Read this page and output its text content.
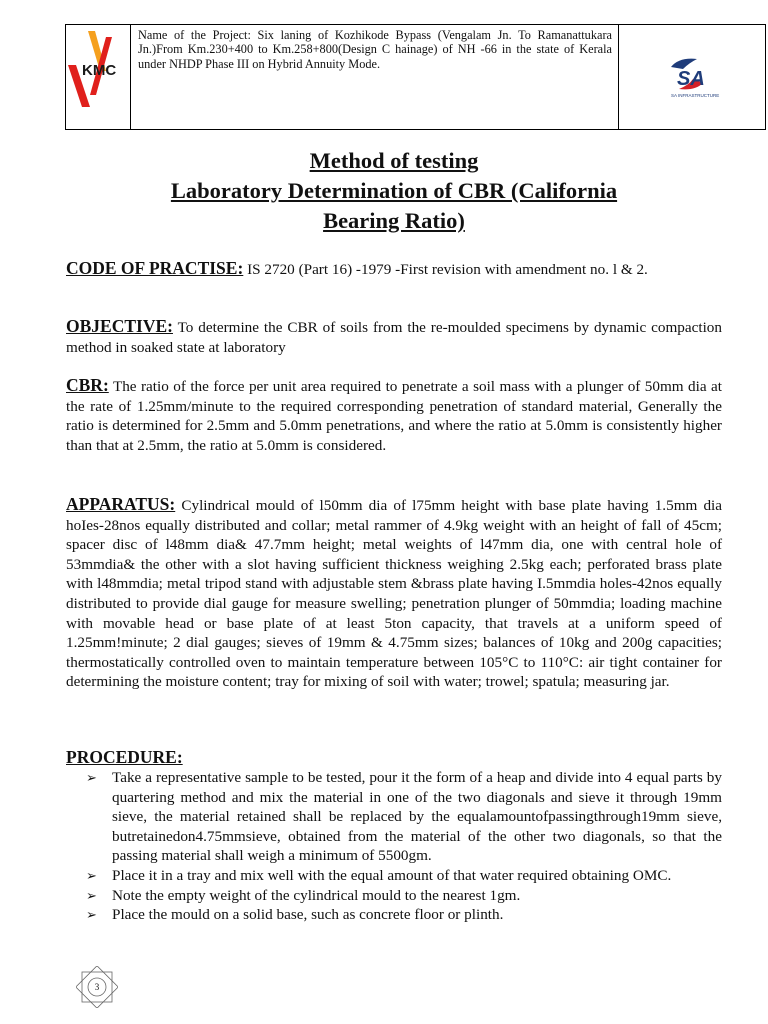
KMC
Name of the Project: Six laning of Kozhikode Bypass (Vengalam Jn. To Ramanattukara Jn.)From Km.230+400 to Km.258+800(Design C hainage) of NH -66 in the state of Kerala under NHDP Phase III on Hybrid Annuity Mode.
SA
SA INFRASTRUCTURE
Method of testing
Laboratory Determination of CBR (California
Bearing Ratio)
CODE OF PRACTISE: IS 2720 (Part 16) -1979 -First revision with amendment no. l & 2.
OBJECTIVE: To determine the CBR of soils from the re-moulded specimens by dynamic compaction method in soaked state at laboratory
CBR: The ratio of the force per unit area required to penetrate a soil mass with a plunger of 50mm dia at the rate of 1.25mm/minute to the required corresponding penetration of standard material, Generally the ratio is determined for 2.5mm and 5.0mm penetrations, and where the ratio at 5.0mm is consistently higher than that at 2.5mm, the ratio at 5.0mm is considered.
APPARATUS: Cylindrical mould of l50mm dia of l75mm height with base plate having 1.5mm dia hoIes-28nos equally distributed and collar; metal rammer of 4.9kg weight with an height of fall of 45cm; spacer disc of l48mm dia& 47.7mm height; metal weights of l47mm dia, one with central hole of 53mmdia& the other with a slot having sufficient thickness weighing 2.5kg each; perforated brass plate with l48mmdia; metal tripod stand with adjustable stem &brass plate having I.5mmdia holes-42nos equally distributed to provide dial gauge for measure swelling; penetration plunger of 50mmdia; loading machine with movable head or base plate of at least 5ton capacity, that travels at a uniform speed of 1.25mm!minute; 2 dial gauges; sieves of 19mm & 4.75mm sizes; balances of 10kg and 200g capacities; thermostatically controlled oven to maintain temperature between 105°C to 110°C: air tight container for determining the moisture content; tray for mixing of soil with water; trowel; spatula; measuring jar.
PROCEDURE:
➢ Take a representative sample to be tested, pour it the form of a heap and divide into 4 equal parts by quartering method and mix the material in one of the two diagonals and sieve it through 19mm sieve, the material retained shall be replaced by the equalamountofpassingthrough19mm sieve, butretainedon4.75mmsieve, obtained from the material of the other two diagonals, so that the passing material shall weigh a minimum of 5500gm.
➢ Place it in a tray and mix well with the equal amount of that water required obtaining OMC.
➢ Note the empty weight of the cylindrical mould to the nearest 1gm.
➢ Place the mould on a solid base, such as concrete floor or plinth.
3
